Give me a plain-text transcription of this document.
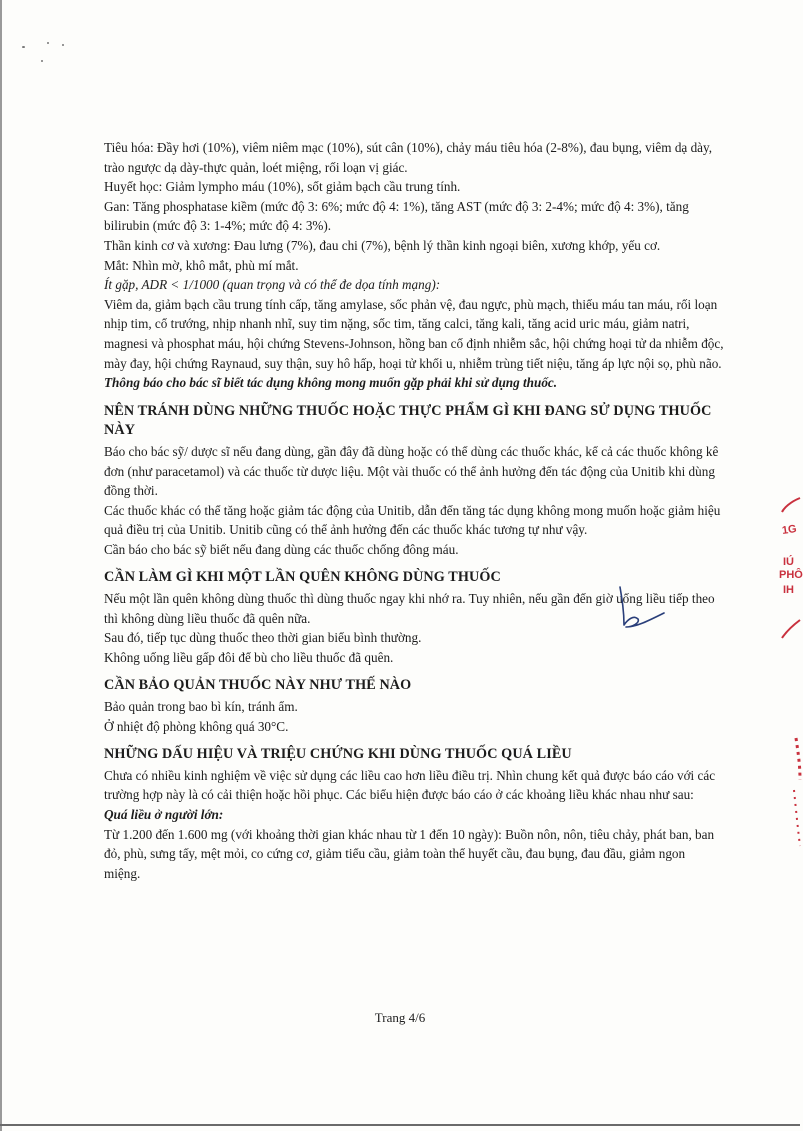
Tiêu hóa: Đầy hơi (10%), viêm niêm mạc (10%), sút cân (10%), chảy máu tiêu hóa (2-8%), đau bụng, viêm dạ dày, trào ngược dạ dày-thực quản, loét miệng, rối loạn vị giác.

Huyết học: Giảm lympho máu (10%), sốt giảm bạch cầu trung tính.

Gan: Tăng phosphatase kiềm (mức độ 3: 6%; mức độ 4: 1%), tăng AST (mức độ 3: 2-4%; mức độ 4: 3%), tăng bilirubin (mức độ 3: 1-4%; mức độ 4: 3%).

Thần kinh cơ và xương: Đau lưng (7%), đau chi (7%), bệnh lý thần kinh ngoại biên, xương khớp, yếu cơ.

Mắt: Nhìn mờ, khô mắt, phù mí mắt.

Ít gặp, ADR < 1/1000 (quan trọng và có thể đe dọa tính mạng):

Viêm da, giảm bạch cầu trung tính cấp, tăng amylase, sốc phản vệ, đau ngực, phù mạch, thiếu máu tan máu, rối loạn nhịp tim, cổ trướng, nhịp nhanh nhĩ, suy tim nặng, sốc tim, tăng calci, tăng kali, tăng acid uric máu, giảm natri, magnesi và phosphat máu, hội chứng Stevens-Johnson, hồng ban cố định nhiễm sắc, hội chứng hoại tử da nhiễm độc, mày đay, hội chứng Raynaud, suy thận, suy hô hấp, hoại tử khối u, nhiễm trùng tiết niệu, tăng áp lực nội sọ, phù não.

Thông báo cho bác sĩ biết tác dụng không mong muốn gặp phải khi sử dụng thuốc.

NÊN TRÁNH DÙNG NHỮNG THUỐC HOẶC THỰC PHẨM GÌ KHI ĐANG SỬ DỤNG THUỐC NÀY

Báo cho bác sỹ/ dược sĩ nếu đang dùng, gần đây đã dùng hoặc có thể dùng các thuốc khác, kể cả các thuốc không kê đơn (như paracetamol) và các thuốc từ dược liệu. Một vài thuốc có thể ảnh hưởng đến tác động của Unitib khi dùng đồng thời.

Các thuốc khác có thể tăng hoặc giảm tác động của Unitib, dẫn đến tăng tác dụng không mong muốn hoặc giảm hiệu quả điều trị của Unitib. Unitib cũng có thể ảnh hưởng đến các thuốc khác tương tự như vậy.

Cần báo cho bác sỹ biết nếu đang dùng các thuốc chống đông máu.

CẦN LÀM GÌ KHI MỘT LẦN QUÊN KHÔNG DÙNG THUỐC

Nếu một lần quên không dùng thuốc thì dùng thuốc ngay khi nhớ ra. Tuy nhiên, nếu gần đến giờ uống liều tiếp theo thì không dùng liều thuốc đã quên nữa.

Sau đó, tiếp tục dùng thuốc theo thời gian biểu bình thường.

Không uống liều gấp đôi để bù cho liều thuốc đã quên.

CẦN BẢO QUẢN THUỐC NÀY NHƯ THẾ NÀO

Bảo quản trong bao bì kín, tránh ẩm.

Ở nhiệt độ phòng không quá 30°C.

NHỮNG DẤU HIỆU VÀ TRIỆU CHỨNG KHI DÙNG THUỐC QUÁ LIỀU

Chưa có nhiều kinh nghiệm về việc sử dụng các liều cao hơn liều điều trị. Nhìn chung kết quả được báo cáo với các trường hợp này là có cải thiện hoặc hồi phục. Các biểu hiện được báo cáo ở các khoảng liều khác nhau như sau:

Quá liều ở người lớn:

Từ 1.200 đến 1.600 mg (với khoảng thời gian khác nhau từ 1 đến 10 ngày): Buồn nôn, nôn, tiêu chảy, phát ban, ban đỏ, phù, sưng tấy, mệt mỏi, co cứng cơ, giảm tiểu cầu, giảm toàn thể huyết cầu, đau bụng, đau đầu, giảm ngon miệng.

1G
IÚ
PHÔ
IH
Trang 4/6
